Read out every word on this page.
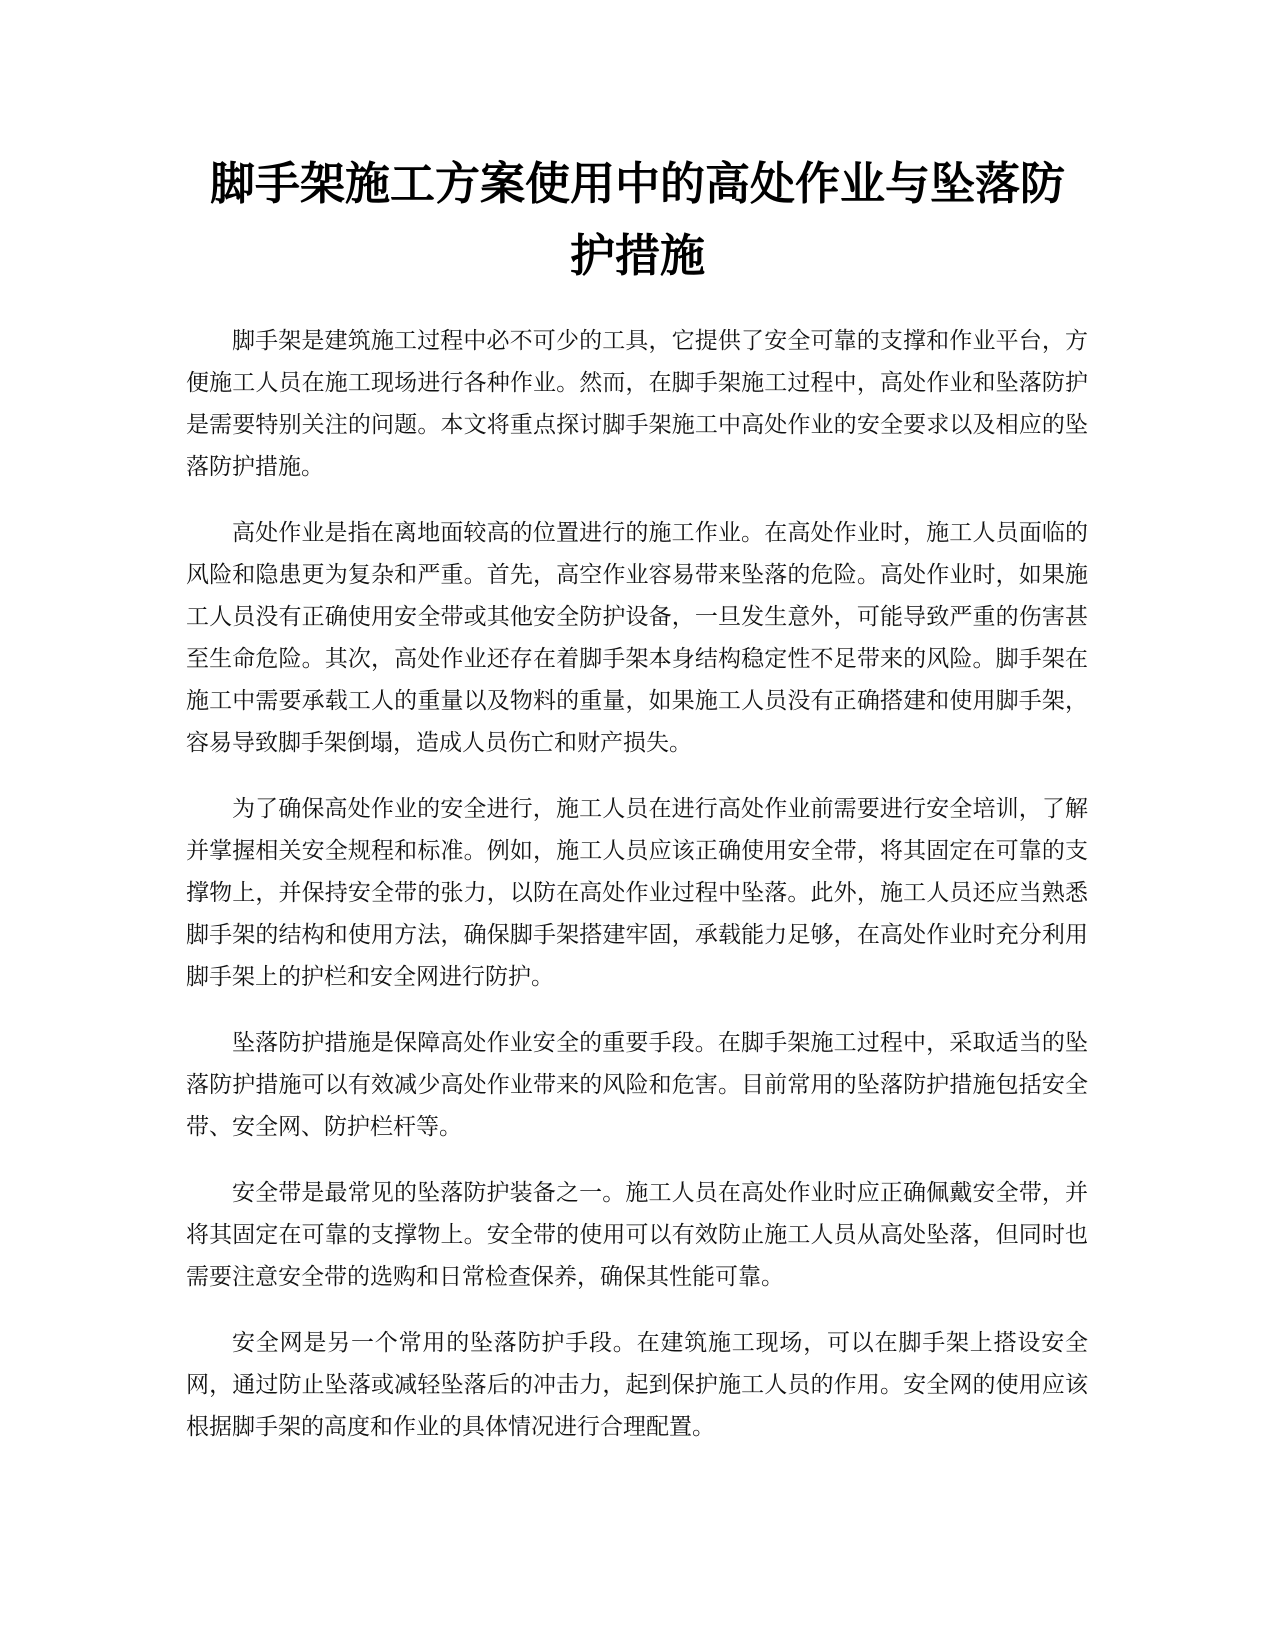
脚手架施工方案使用中的高处作业与坠落防
护措施

脚手架是建筑施工过程中必不可少的工具，它提供了安全可靠的支撑和作业平台，方便施工人员在施工现场进行各种作业。然而，在脚手架施工过程中，高处作业和坠落防护是需要特别关注的问题。本文将重点探讨脚手架施工中高处作业的安全要求以及相应的坠落防护措施。

高处作业是指在离地面较高的位置进行的施工作业。在高处作业时，施工人员面临的风险和隐患更为复杂和严重。首先，高空作业容易带来坠落的危险。高处作业时，如果施工人员没有正确使用安全带或其他安全防护设备，一旦发生意外，可能导致严重的伤害甚至生命危险。其次，高处作业还存在着脚手架本身结构稳定性不足带来的风险。脚手架在施工中需要承载工人的重量以及物料的重量，如果施工人员没有正确搭建和使用脚手架，容易导致脚手架倒塌，造成人员伤亡和财产损失。

为了确保高处作业的安全进行，施工人员在进行高处作业前需要进行安全培训，了解并掌握相关安全规程和标准。例如，施工人员应该正确使用安全带，将其固定在可靠的支撑物上，并保持安全带的张力，以防在高处作业过程中坠落。此外，施工人员还应当熟悉脚手架的结构和使用方法，确保脚手架搭建牢固，承载能力足够，在高处作业时充分利用脚手架上的护栏和安全网进行防护。

坠落防护措施是保障高处作业安全的重要手段。在脚手架施工过程中，采取适当的坠落防护措施可以有效减少高处作业带来的风险和危害。目前常用的坠落防护措施包括安全带、安全网、防护栏杆等。

安全带是最常见的坠落防护装备之一。施工人员在高处作业时应正确佩戴安全带，并将其固定在可靠的支撑物上。安全带的使用可以有效防止施工人员从高处坠落，但同时也需要注意安全带的选购和日常检查保养，确保其性能可靠。

安全网是另一个常用的坠落防护手段。在建筑施工现场，可以在脚手架上搭设安全网，通过防止坠落或减轻坠落后的冲击力，起到保护施工人员的作用。安全网的使用应该根据脚手架的高度和作业的具体情况进行合理配置。
